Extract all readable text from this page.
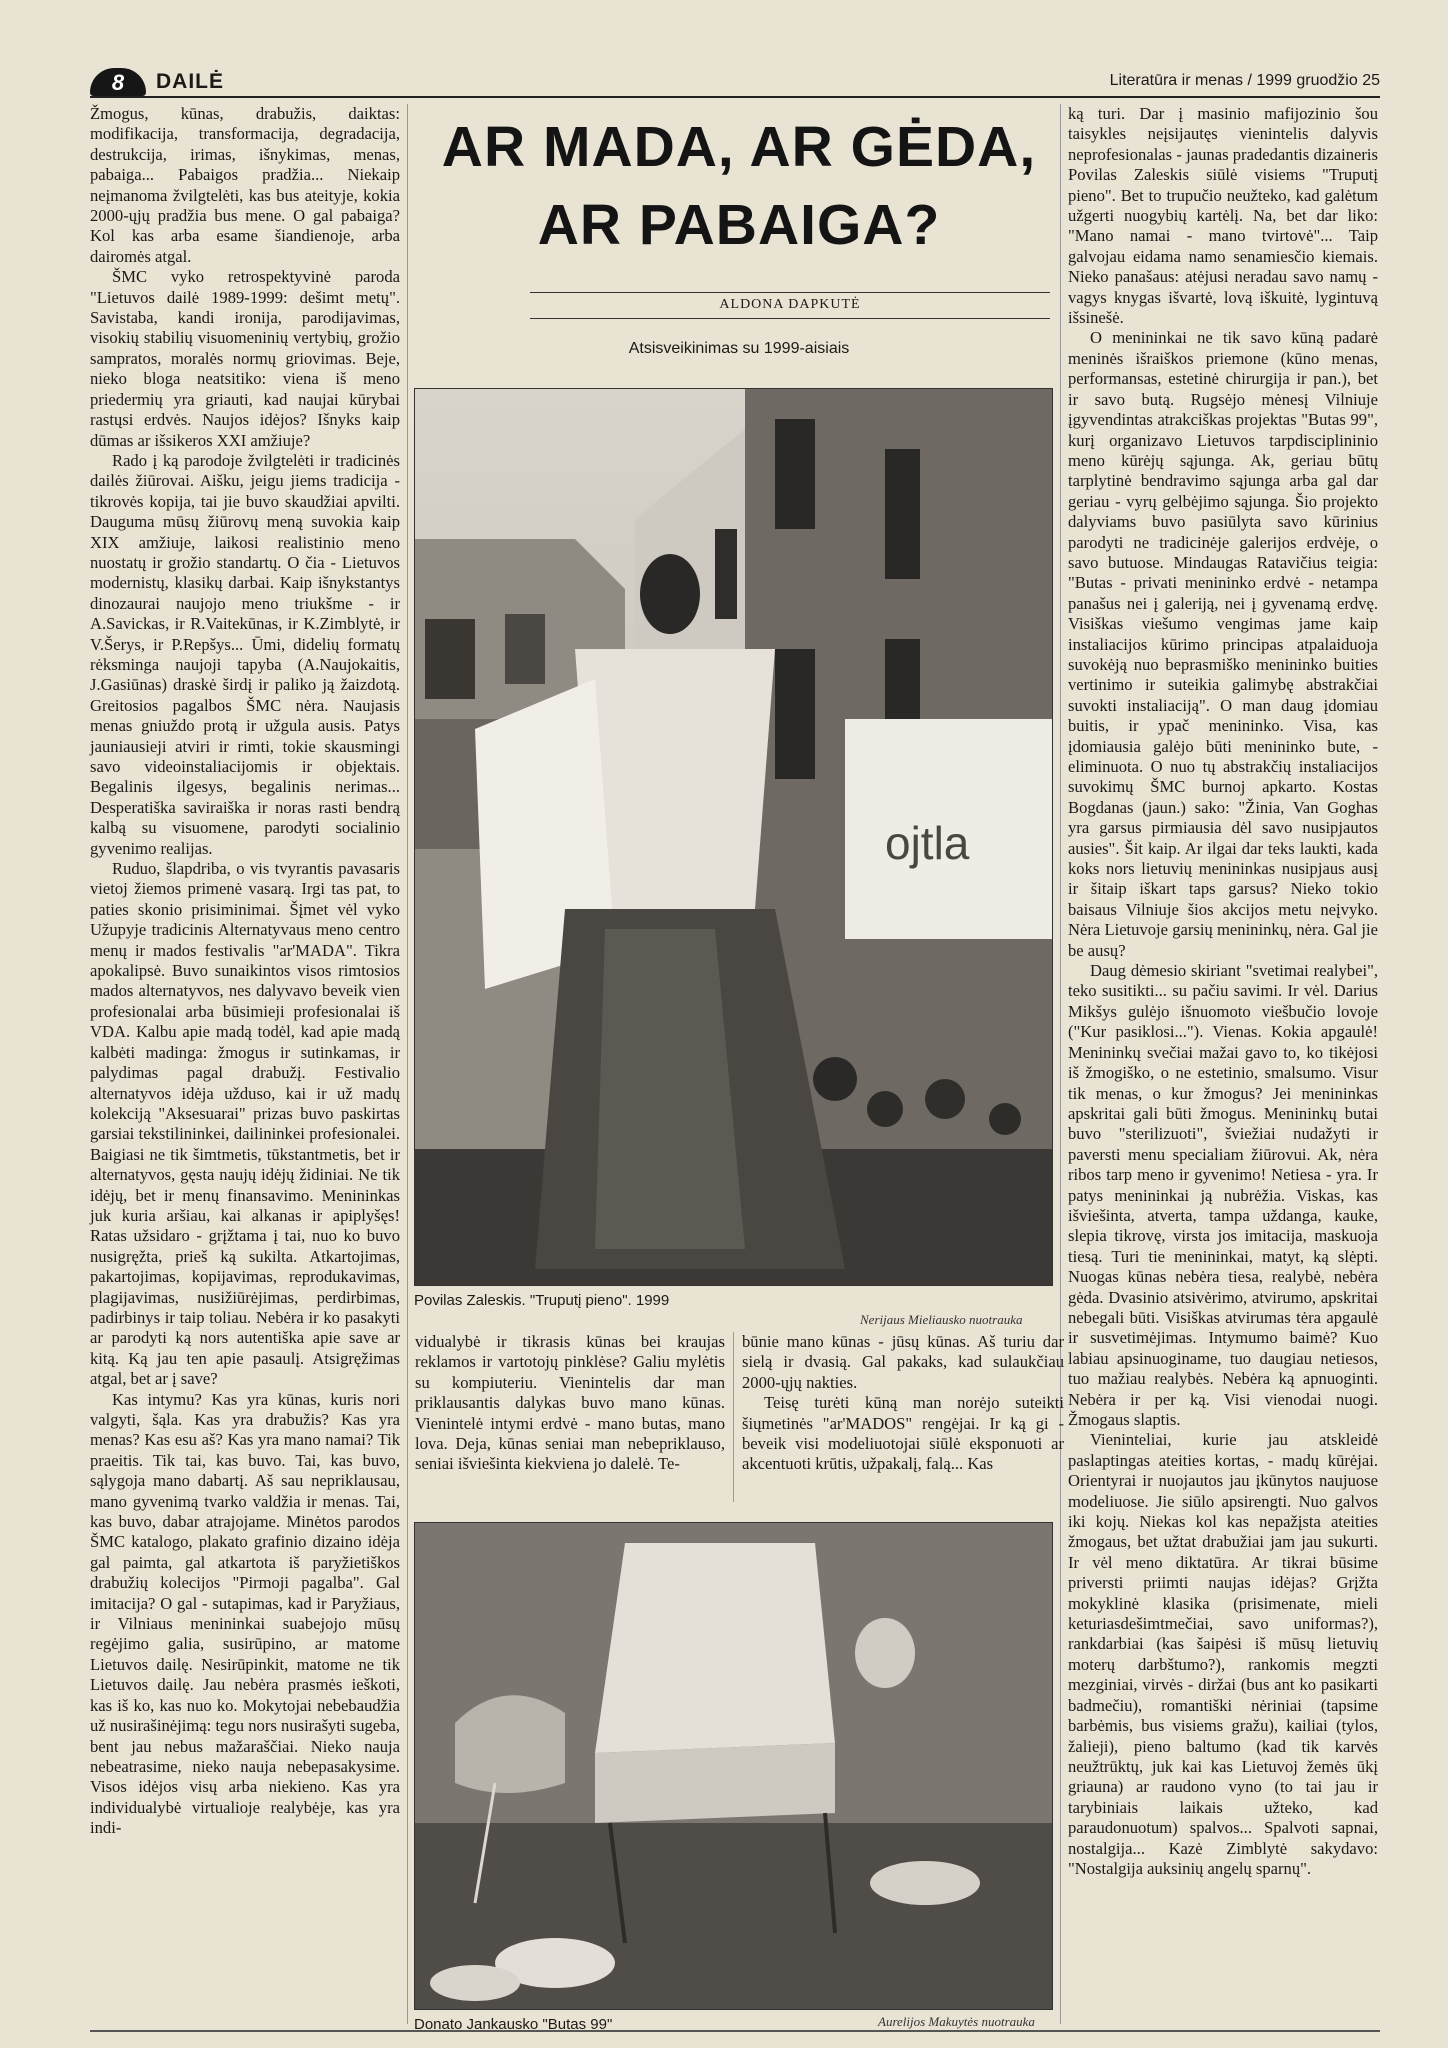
8	DAILĖ	Literatūra ir menas / 1999 gruodžio 25

Žmogus, kūnas, drabužis, daiktas: modifikacija, transformacija, degradacija, destrukcija, irimas, išnykimas, menas, pabaiga... Pabaigos pradžia... Niekaip neįmanoma žvilgtelėti, kas bus ateityje, kokia 2000-ųjų pradžia bus mene. O gal pabaiga? Kol kas arba esame šiandienoje, arba dairomės atgal.

ŠMC vyko retrospektyvinė paroda "Lietuvos dailė 1989-1999: dešimt metų". Savistaba, kandi ironija, parodijavimas, visokių stabilių visuomeninių vertybių, grožio sampratos, moralės normų griovimas. Beje, nieko bloga neatsitiko: viena iš meno priedermių yra griauti, kad naujai kūrybai rastųsi erdvės. Naujos idėjos? Išnyks kaip dūmas ar išsikeros XXI amžiuje?

Rado į ką parodoje žvilgtelėti ir tradicinės dailės žiūrovai. Aišku, jeigu jiems tradicija - tikrovės kopija, tai jie buvo skaudžiai apvilti. Dauguma mūsų žiūrovų meną suvokia kaip XIX amžiuje, laikosi realistinio meno nuostatų ir grožio standartų. O čia - Lietuvos modernistų, klasikų darbai. Kaip išnykstantys dinozaurai naujojo meno triukšme - ir A.Savickas, ir R.Vaitekūnas, ir K.Zimblytė, ir V.Šerys, ir P.Repšys... Ūmi, didelių formatų rėksminga naujoji tapyba (A.Naujokaitis, J.Gasiūnas) draskė širdį ir paliko ją žaizdotą. Greitosios pagalbos ŠMC nėra. Naujasis menas gniuždo protą ir užgula ausis. Patys jauniausieji atviri ir rimti, tokie skausmingi savo videoinstaliacijomis ir objektais. Begalinis ilgesys, begalinis nerimas... Desperatiška saviraiška ir noras rasti bendrą kalbą su visuomene, parodyti socialinio gyvenimo realijas.

Ruduo, šlapdriba, o vis tvyrantis pavasaris vietoj žiemos primenė vasarą. Irgi tas pat, to paties skonio prisiminimai. Šįmet vėl vyko Užupyje tradicinis Alternatyvaus meno centro menų ir mados festivalis "ar'MADA". Tikra apokalipsė. Buvo sunaikintos visos rimtosios mados alternatyvos, nes dalyvavo beveik vien profesionalai arba būsimieji profesionalai iš VDA. Kalbu apie madą todėl, kad apie madą kalbėti madinga: žmogus ir sutinkamas, ir palydimas pagal drabužį. Festivalio alternatyvos idėja užduso, kai ir už madų kolekciją "Aksesuarai" prizas buvo paskirtas garsiai tekstilininkei, dailininkei profesionalei. Baigiasi ne tik šimtmetis, tūkstantmetis, bet ir alternatyvos, gęsta naujų idėjų židiniai. Ne tik idėjų, bet ir menų finansavimo. Menininkas juk kuria aršiau, kai alkanas ir apiplyšęs! Ratas užsidaro - grįžtama į tai, nuo ko buvo nusigręžta, prieš ką sukilta. Atkartojimas, pakartojimas, kopijavimas, reprodukavimas, plagijavimas, nusižiūrėjimas, perdirbimas, padirbinys ir taip toliau. Nebėra ir ko pasakyti ar parodyti ką nors autentiška apie save ar kitą. Ką jau ten apie pasaulį. Atsigręžimas atgal, bet ar į save?

Kas intymu? Kas yra kūnas, kuris nori valgyti, šąla. Kas yra drabužis? Kas yra menas? Kas esu aš? Kas yra mano namai? Tik praeitis. Tik tai, kas buvo. Tai, kas buvo, sąlygoja mano dabartį. Aš sau nepriklausau, mano gyvenimą tvarko valdžia ir menas. Tai, kas buvo, dabar atrajojame. Minėtos parodos ŠMC katalogo, plakato grafinio dizaino idėja gal paimta, gal atkartota iš paryžietiškos drabužių kolecijos "Pirmoji pagalba". Gal imitacija? O gal - sutapimas, kad ir Paryžiaus, ir Vilniaus menininkai suabejojo mūsų regėjimo galia, susirūpino, ar matome Lietuvos dailę. Nesirūpinkit, matome ne tik Lietuvos dailę. Jau nebėra prasmės ieškoti, kas iš ko, kas nuo ko. Mokytojai nebebaudžia už nusirašinėjimą: tegu nors nusirašyti sugeba, bent jau nebus mažaraščiai. Nieko nauja nebeatrasime, nieko nauja nebepasakysime. Visos idėjos visų arba niekieno. Kas yra individualybė virtualioje realybėje, kas yra indi-

AR MADA, AR GĖDA,
AR PABAIGA?
ALDONA DAPKUTĖ
Atsisveikinimas su 1999-aisiais
ojtla
Povilas Zaleskis. "Truputį pieno". 1999
Nerijaus Mieliausko nuotrauka

vidualybė ir tikrasis kūnas bei kraujas reklamos ir vartotojų pinklėse? Galiu mylėtis su kompiuteriu. Vienintelis dar man priklausantis dalykas buvo mano kūnas. Vienintelė intymi erdvė - mano butas, mano lova. Deja, kūnas seniai man nebepriklauso, seniai išviešinta kiekviena jo dalelė. Te-

būnie mano kūnas - jūsų kūnas. Aš turiu dar sielą ir dvasią. Gal pakaks, kad sulaukčiau 2000-ųjų nakties.

Teisę turėti kūną man norėjo suteikti šiųmetinės "ar'MADOS" rengėjai. Ir ką gi - beveik visi modeliuotojai siūlė eksponuoti ar akcentuoti krūtis, užpakalį, falą... Kas

Donato Jankausko "Butas 99"	Aurelijos Makuytės nuotrauka

ką turi. Dar į masinio mafijozinio šou taisykles neįsijautęs vienintelis dalyvis neprofesionalas - jaunas pradedantis dizaineris Povilas Zaleskis siūlė visiems "Truputį pieno". Bet to trupučio neužteko, kad galėtum užgerti nuogybių kartėlį. Na, bet dar liko: "Mano namai - mano tvirtovė"... Taip galvojau eidama namo senamiesčio kiemais. Nieko panašaus: atėjusi neradau savo namų - vagys knygas išvartė, lovą iškuitė, lygintuvą išsinešė.

O menininkai ne tik savo kūną padarė meninės išraiškos priemone (kūno menas, performansas, estetinė chirurgija ir pan.), bet ir savo butą. Rugsėjo mėnesį Vilniuje įgyvendintas atrakciškas projektas "Butas 99", kurį organizavo Lietuvos tarpdisciplininio meno kūrėjų sąjunga. Ak, geriau būtų tarplytinė bendravimo sąjunga arba gal dar geriau - vyrų gelbėjimo sąjunga. Šio projekto dalyviams buvo pasiūlyta savo kūrinius parodyti ne tradicinėje galerijos erdvėje, o savo butuose. Mindaugas Ratavičius teigia: "Butas - privati menininko erdvė - netampa panašus nei į galeriją, nei į gyvenamą erdvę. Visiškas viešumo vengimas jame kaip instaliacijos kūrimo principas atpalaiduoja suvokėją nuo beprasmiško menininko buities vertinimo ir suteikia galimybę abstrakčiai suvokti instaliaciją". O man daug įdomiau buitis, ir ypač menininko. Visa, kas įdomiausia galėjo būti menininko bute, - eliminuota. O nuo tų abstrakčių instaliacijos suvokimų ŠMC burnoj apkarto. Kostas Bogdanas (jaun.) sako: "Žinia, Van Goghas yra garsus pirmiausia dėl savo nusipjautos ausies". Šit kaip. Ar ilgai dar teks laukti, kada koks nors lietuvių menininkas nusipjaus ausį ir šitaip iškart taps garsus? Nieko tokio baisaus Vilniuje šios akcijos metu neįvyko. Nėra Lietuvoje garsių menininkų, nėra. Gal jie be ausų?

Daug dėmesio skiriant "svetimai realybei", teko susitikti... su pačiu savimi. Ir vėl. Darius Mikšys gulėjo išnuomoto viešbučio lovoje ("Kur pasiklosi..."). Vienas. Kokia apgaulė! Menininkų svečiai mažai gavo to, ko tikėjosi iš žmogiško, o ne estetinio, smalsumo. Visur tik menas, o kur žmogus? Jei menininkas apskritai gali būti žmogus. Menininkų butai buvo "sterilizuoti", šviežiai nudažyti ir paversti menu specialiam žiūrovui. Ak, nėra ribos tarp meno ir gyvenimo! Netiesa - yra. Ir patys menininkai ją nubrėžia. Viskas, kas išviešinta, atverta, tampa uždanga, kauke, slepia tikrovę, virsta jos imitacija, maskuoja tiesą. Turi tie menininkai, matyt, ką slėpti. Nuogas kūnas nebėra tiesa, realybė, nebėra gėda. Dvasinio atsivėrimo, atvirumo, apskritai nebegali būti. Visiškas atvirumas tėra apgaulė ir susvetimėjimas. Intymumo baimė? Kuo labiau apsinuoginame, tuo daugiau netiesos, tuo mažiau realybės. Nebėra ką apnuoginti. Nebėra ir per ką. Visi vienodai nuogi. Žmogaus slaptis.

Vieninteliai, kurie jau atskleidė paslaptingas ateities kortas, - madų kūrėjai. Orientyrai ir nuojautos jau įkūnytos naujuose modeliuose. Jie siūlo apsirengti. Nuo galvos iki kojų. Niekas kol kas nepažįsta ateities žmogaus, bet užtat drabužiai jam jau sukurti. Ir vėl meno diktatūra. Ar tikrai būsime priversti priimti naujas idėjas? Grįžta mokyklinė klasika (prisimenate, mieli keturiasdešimtmečiai, savo uniformas?), rankdarbiai (kas šaipėsi iš mūsų lietuvių moterų darbštumo?), rankomis megzti mezginiai, virvės - diržai (bus ant ko pasikarti badmečiu), romantiški nėriniai (tapsime barbėmis, bus visiems gražu), kailiai (tylos, žalieji), pieno baltumo (kad tik karvės neužtrūktų, juk kai kas Lietuvoj žemės ūkį griauna) ar raudono vyno (to tai jau ir tarybiniais laikais užteko, kad paraudonuotum) spalvos... Spalvoti sapnai, nostalgija... Kazė Zimblytė sakydavo: "Nostalgija auksinių angelų sparnų".
